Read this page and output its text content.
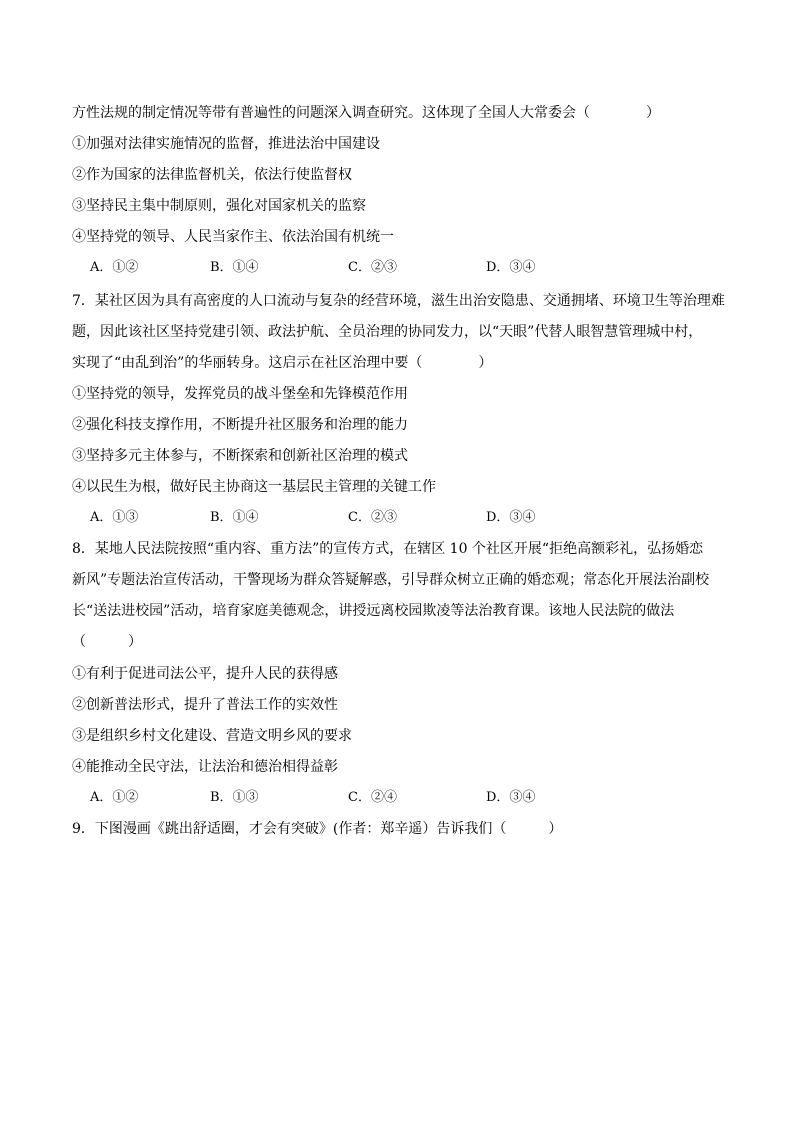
方性法规的制定情况等带有普遍性的问题深入调查研究。这体现了全国人大常委会（　　　　）
①加强对法律实施情况的监督，推进法治中国建设
②作为国家的法律监督机关，依法行使监督权
③坚持民主集中制原则，强化对国家机关的监察
④坚持党的领导、人民当家作主、依法治国有机统一
A．①②	B．①④	C．②③	D．③④
7．某社区因为具有高密度的人口流动与复杂的经营环境，滋生出治安隐患、交通拥堵、环境卫生等治理难
题，因此该社区坚持党建引领、政法护航、全员治理的协同发力，以“天眼”代替人眼智慧管理城中村，
实现了“由乱到治”的华丽转身。这启示在社区治理中要（　　　　）
①坚持党的领导，发挥党员的战斗堡垒和先锋模范作用
②强化科技支撑作用，不断提升社区服务和治理的能力
③坚持多元主体参与，不断探索和创新社区治理的模式
④以民生为根，做好民主协商这一基层民主管理的关键工作
A．①③	B．①④	C．②③	D．③④
8．某地人民法院按照“重内容、重方法”的宣传方式，在辖区 10 个社区开展“拒绝高额彩礼，弘扬婚恋
新风”专题法治宣传活动，干警现场为群众答疑解惑，引导群众树立正确的婚恋观；常态化开展法治副校
长“送法进校园”活动，培育家庭美德观念，讲授远离校园欺凌等法治教育课。该地人民法院的做法
（　　　）
①有利于促进司法公平，提升人民的获得感
②创新普法形式，提升了普法工作的实效性
③是组织乡村文化建设、营造文明乡风的要求
④能推动全民守法，让法治和德治相得益彰
A．①②	B．①③	C．②④	D．③④
9．下图漫画《跳出舒适圈，才会有突破》(作者：郑辛遥）告诉我们（　　　）
